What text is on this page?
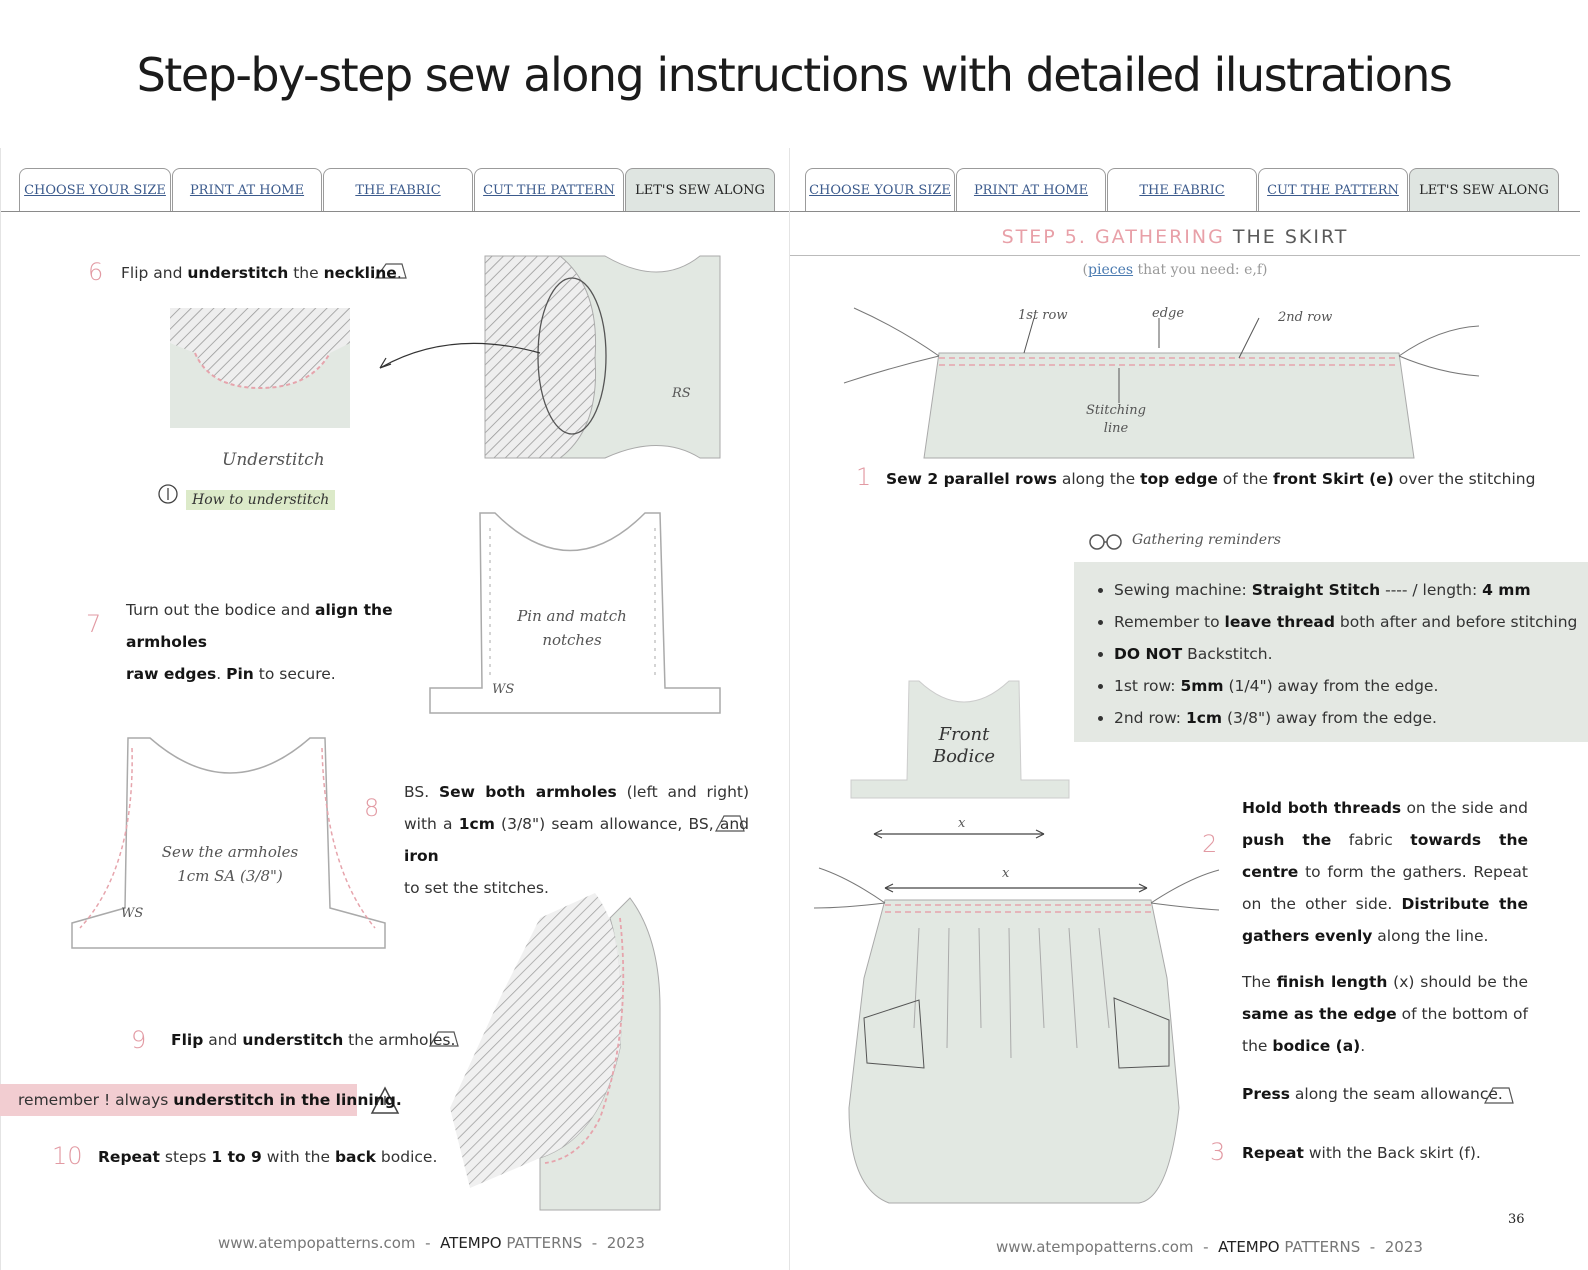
Step-by-step sew along instructions with detailed ilustrations
CHOOSE YOUR SIZE	PRINT AT HOME	THE FABRIC	CUT THE PATTERN	LET'S SEW ALONG
6 Flip and understitch the neckline.
Understitch
How to understitch
RS
7 Turn out the bodice and align the armholes
raw edges. Pin to secure.
Pin and match notches
WS
8
BS. Sew both armholes (left and right) with a 1cm (3/8") seam allowance, BS, and iron
to set the stitches.
Sew the armholes
1cm SA (3/8")
WS
9 Flip and understitch the armholes.
remember ! always understitch in the linning.
10 Repeat steps 1 to 9 with the back bodice.
www.atempopatterns.com - ATEMPO PATTERNS - 2023
CHOOSE YOUR SIZE	PRINT AT HOME	THE FABRIC	CUT THE PATTERN	LET'S SEW ALONG
STEP 5. GATHERING THE SKIRT
(pieces that you need: e,f)
1st row	edge	2nd row
Stitching line
1 Sew 2 parallel rows along the top edge of the front Skirt (e) over the stitching
Gathering reminders
• Sewing machine: Straight Stitch ---- / length: 4 mm
• Remember to leave thread both after and before stitching
• DO NOT Backstitch.
• 1st row: 5mm (1/4") away from the edge.
• 2nd row: 1cm (3/8") away from the edge.
Front Bodice
x
x
2
Hold both threads on the side and push the fabric towards the centre to form the gathers. Repeat on the other side. Distribute the gathers evenly along the line.
The finish length (x) should be the same as the edge of the bottom of the bodice (a).
Press along the seam allowance.
3 Repeat with the Back skirt (f).
www.atempopatterns.com - ATEMPO PATTERNS - 2023
36
